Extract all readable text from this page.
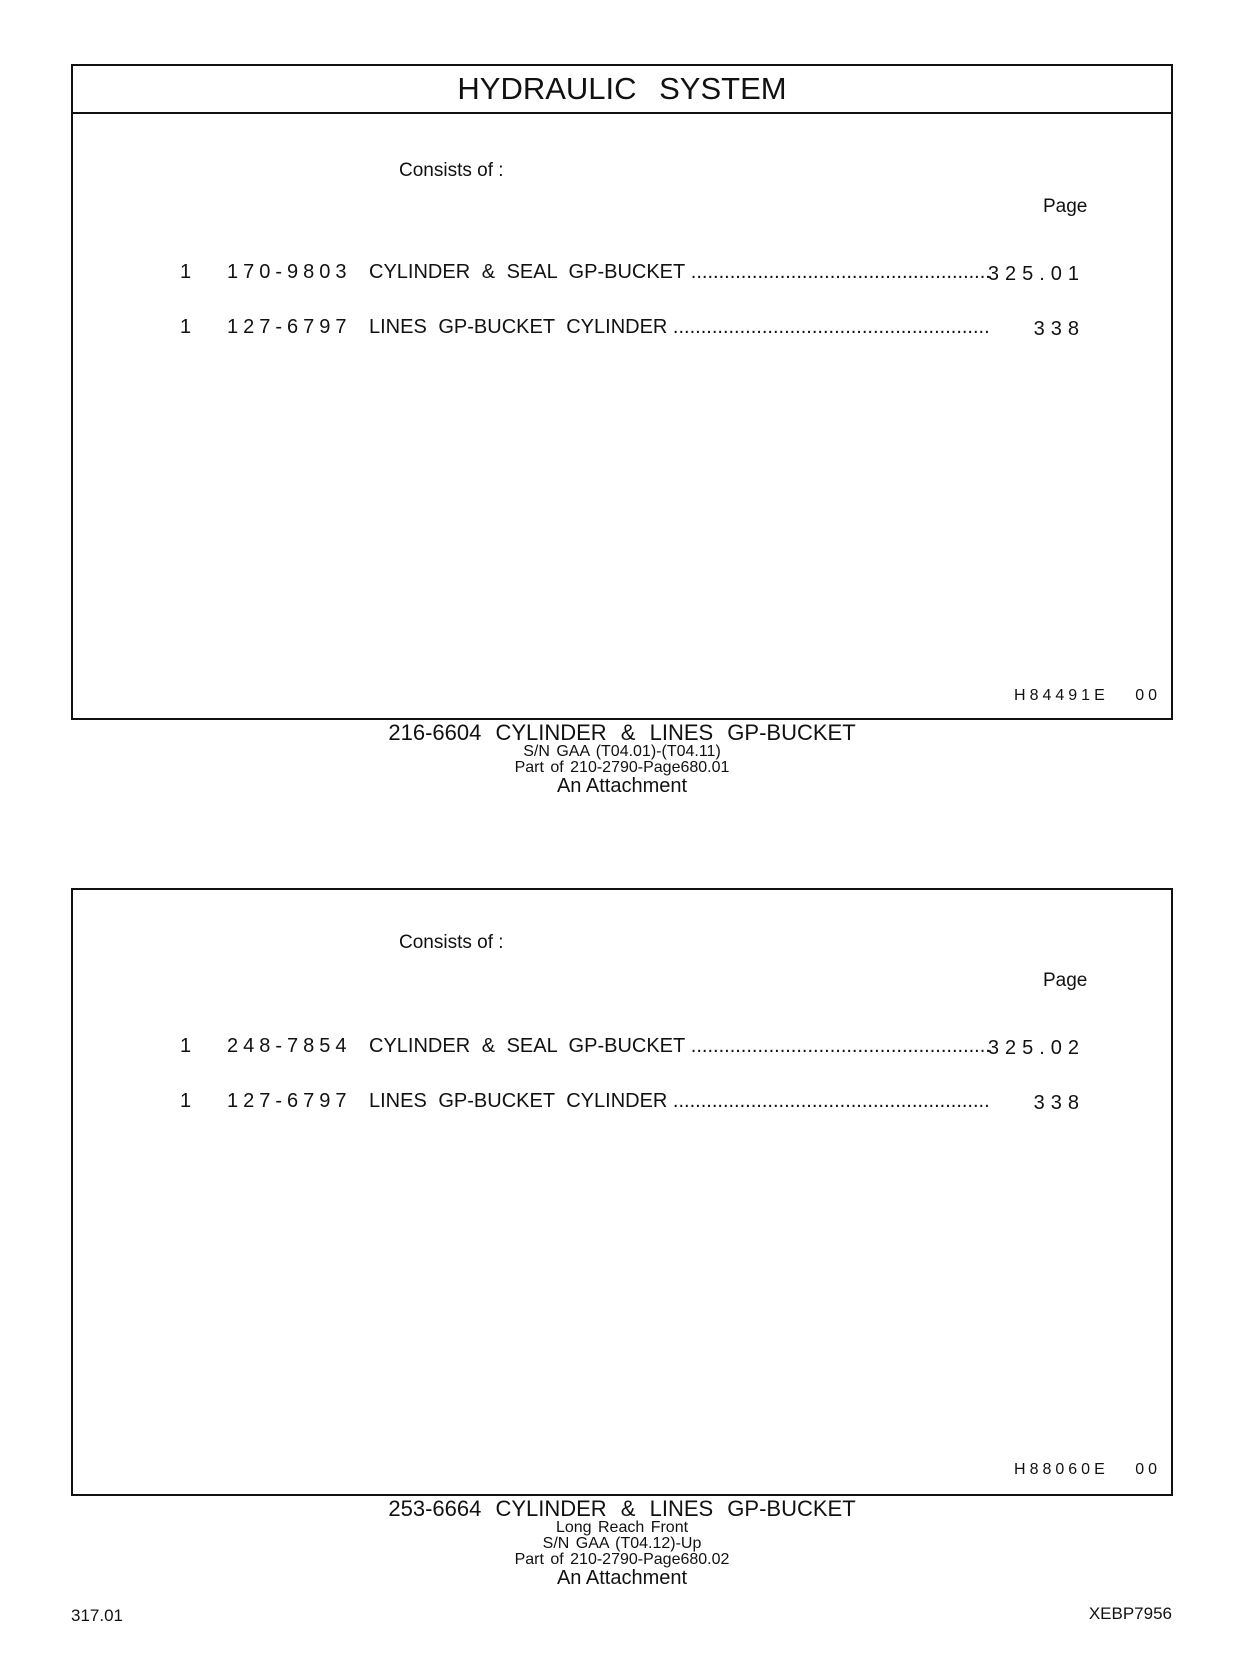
HYDRAULIC SYSTEM
Consists of :
Page
1 170-9803 CYLINDER & SEAL GP-BUCKET .....	325.01
1 127-6797 LINES GP-BUCKET CYLINDER .....	338
H84491E 00
216-6604 CYLINDER & LINES GP-BUCKET
S/N GAA (T04.01)-(T04.11)
Part of 210-2790-Page680.01
An Attachment
Consists of :
Page
1 248-7854 CYLINDER & SEAL GP-BUCKET .....	325.02
1 127-6797 LINES GP-BUCKET CYLINDER .....	338
H88060E 00
253-6664 CYLINDER & LINES GP-BUCKET
Long Reach Front
S/N GAA (T04.12)-Up
Part of 210-2790-Page680.02
An Attachment
317.01	XEBP7956
